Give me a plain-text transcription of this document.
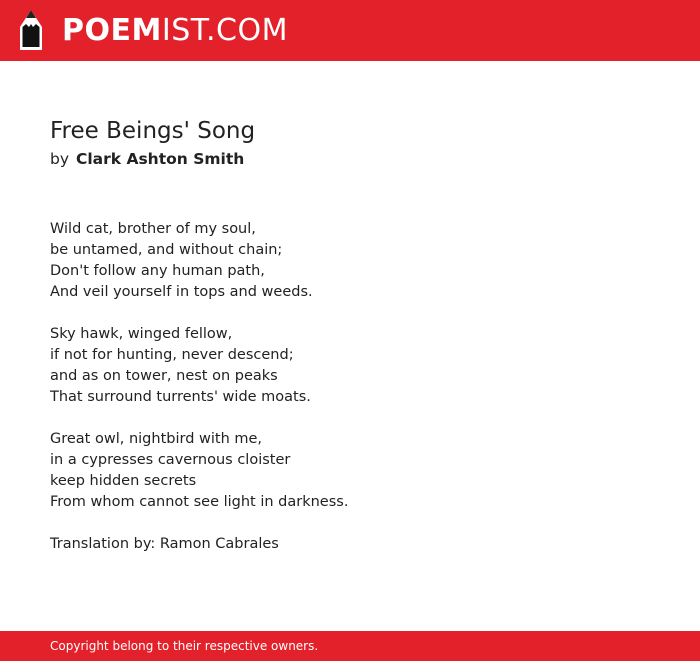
POEMIST.COM
Free Beings' Song

by Clark Ashton Smith

Wild cat, brother of my soul,
be untamed, and without chain;
Don't follow any human path,
And veil yourself in tops and weeds.
Sky hawk, winged fellow,
if not for hunting, never descend;
and as on tower, nest on peaks
That surround turrents' wide moats.
Great owl, nightbird with me,
in a cypresses cavernous cloister
keep hidden secrets
From whom cannot see light in darkness.
Translation by: Ramon Cabrales
Copyright belong to their respective owners.
